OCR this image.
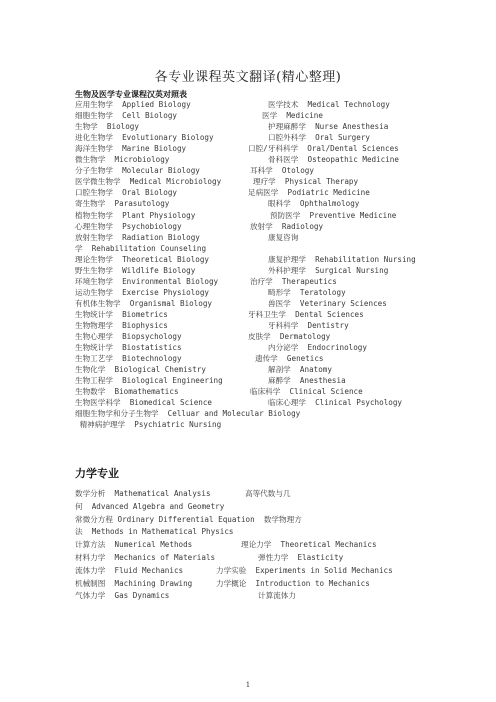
各专业课程英文翻译(精心整理)
生物及医学专业课程汉英对照表
应用生物学  Applied Biology	医学技术  Medical Technology
细胞生物学  Cell Biology	医学  Medicine
生物学  Biology	护理麻醉学  Nurse Anesthesia
进化生物学  Evolutionary Biology	口腔外科学  Oral Surgery
海洋生物学  Marine Biology	口腔/牙科科学  Oral/Dental Sciences
微生物学  Microbiology	骨科医学  Osteopathic Medicine
分子生物学  Molecular Biology	耳科学  Otology
医学微生物学  Medical Microbiology	理疗学  Physical Therapy
口腔生物学  Oral Biology	足病医学  Podiatric Medicine
寄生物学  Parasutology	眼科学  Ophthalmology
植物生物学  Plant Physiology	预防医学  Preventive Medicine
心理生物学  Psychobiology	放射学  Radiology
放射生物学  Radiation Biology	康复咨询
学  Rehabilitation Counseling
理论生物学  Theoretical Biology	康复护理学  Rehabilitation Nursing
野生生物学  Wildlife Biology	外科护理学  Surgical Nursing
环境生物学  Environmental Biology	治疗学  Therapeutics
运动生物学  Exercise Physiology	畸形学  Teratology
有机体生物学  Organismal Biology	兽医学  Veterinary Sciences
生物统计学  Biometrics	牙科卫生学  Dental Sciences
生物物理学  Biophysics	牙科科学  Dentistry
生物心理学  Biopsychology	皮肤学  Dermatology
生物统计学  Biostatistics	内分泌学  Endocrinology
生物工艺学  Biotechnology	遗传学  Genetics
生物化学  Biological Chemistry	解剖学  Anatomy
生物工程学  Biological Engineering	麻醉学  Anesthesia
生物数学  Biomathematics	临床科学  Clinical Science
生物医学科学  Biomedical Science	临床心理学  Clinical Psychology
细胞生物学和分子生物学  Celluar and Molecular Biology
精神病护理学  Psychiatric Nursing
力学专业
数学分析  Mathematical Analysis	高等代数与几
何  Advanced Algebra and Geometry
常微分方程 Ordinary Differential Equation  数学物理方
法  Methods in Mathematical Physics
计算方法  Numerical Methods	理论力学  Theoretical Mechanics
材料力学  Mechanics of Materials	弹性力学  Elasticity
流体力学  Fluid Mechanics	力学实验  Experiments in Solid Mechanics
机械制图  Machining Drawing	力学概论  Introduction to Mechanics
气体力学  Gas Dynamics	计算流体力
1
